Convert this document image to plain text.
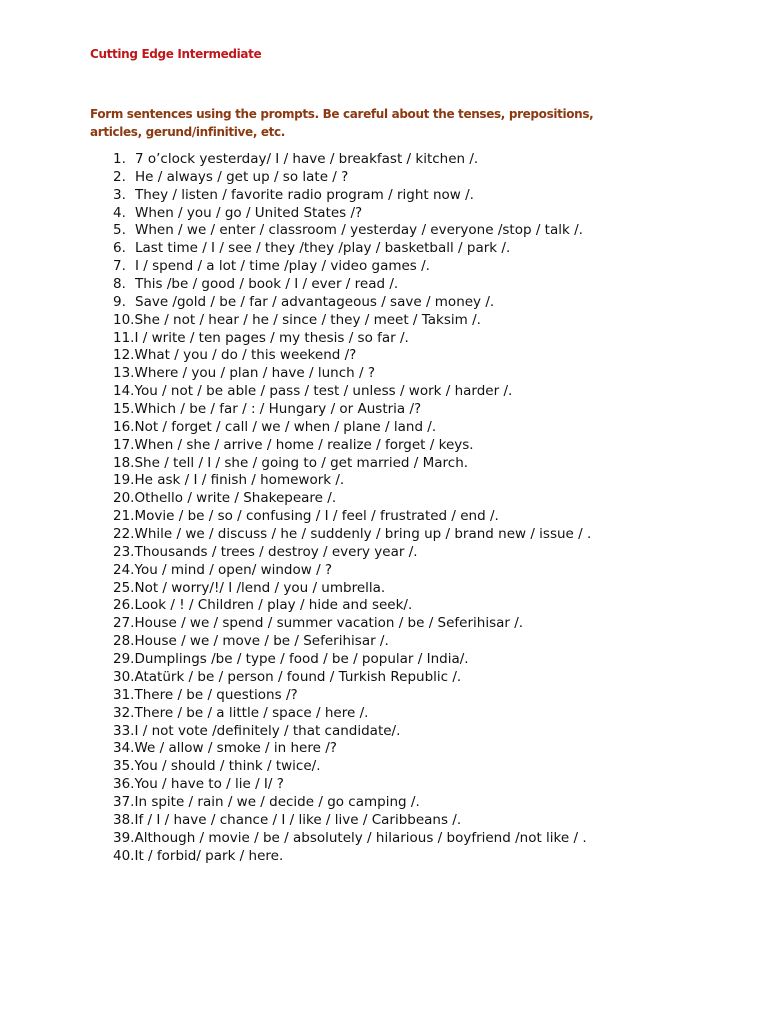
Cutting Edge Intermediate
Form sentences using the prompts. Be careful about the tenses, prepositions, articles, gerund/infinitive, etc.
1. 7 o’clock yesterday/ I / have / breakfast / kitchen /.
2. He / always / get up / so late / ?
3. They / listen / favorite radio program / right now /.
4. When / you / go / United States /?
5. When / we / enter / classroom / yesterday / everyone /stop / talk /.
6. Last time / I / see / they /they /play / basketball / park /.
7. I / spend / a lot / time /play / video games /.
8. This /be / good / book / I / ever / read /.
9. Save /gold / be / far / advantageous / save / money /.
10. She / not / hear / he / since / they / meet / Taksim /.
11. I / write / ten pages / my thesis / so far /.
12. What / you / do / this weekend /?
13. Where / you / plan / have / lunch / ?
14. You / not / be able / pass / test / unless / work / harder /.
15. Which / be / far / : / Hungary / or Austria /?
16. Not / forget / call / we / when / plane / land /.
17. When / she / arrive / home / realize / forget / keys.
18. She / tell / I / she / going to / get married / March.
19. He ask / I / finish / homework /.
20. Othello / write / Shakepeare /.
21. Movie / be / so / confusing / I / feel / frustrated / end /.
22. While / we / discuss / he / suddenly / bring up / brand new / issue / .
23. Thousands / trees / destroy / every year /.
24. You / mind / open/ window / ?
25. Not / worry/!/ I /lend / you / umbrella.
26. Look / ! / Children / play / hide and seek/.
27. House / we / spend / summer vacation / be / Seferihisar /.
28. House / we / move / be / Seferihisar /.
29. Dumplings /be / type / food / be / popular / India/.
30. Atatürk / be / person / found / Turkish Republic /.
31. There / be / questions /?
32. There / be / a little / space / here /.
33. I / not vote /definitely / that candidate/.
34. We / allow / smoke / in here /?
35. You / should / think / twice/.
36. You / have to / lie / I/ ?
37. In spite / rain / we / decide / go camping /.
38. If / I / have / chance / I / like / live / Caribbeans /.
39. Although / movie / be / absolutely / hilarious / boyfriend /not like / .
40. It / forbid/ park / here.
